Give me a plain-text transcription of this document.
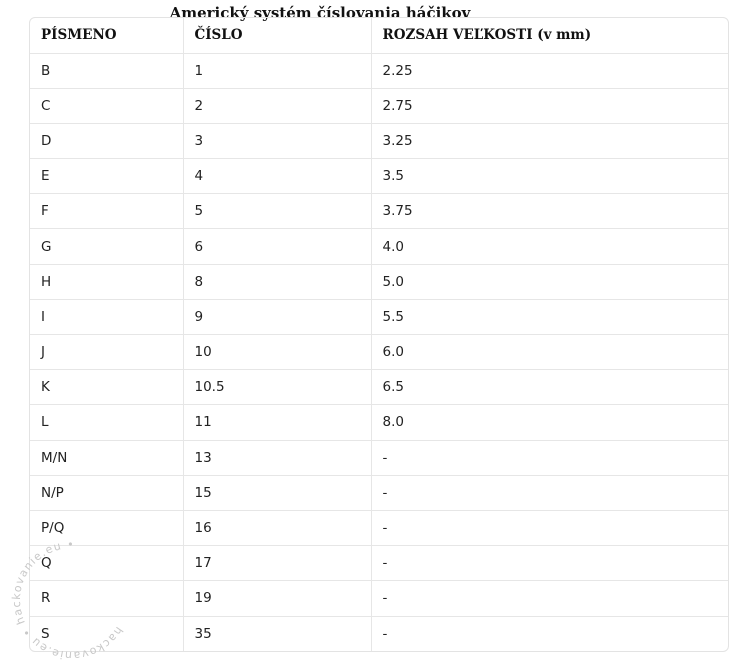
Americký systém číslovania háčikov
PÍSMENO	ČÍSLO	ROZSAH VEĽKOSTI (v mm)
B	1	2.25
C	2	2.75
D	3	3.25
E	4	3.5
F	5	3.75
G	6	4.0
H	8	5.0
I	9	5.5
J	10	6.0
K	10.5	6.5
L	11	8.0
M/N	13	-
N/P	15	-
P/Q	16	-
Q	17	-
R	19	-
S	35	-
hackovanie.eu • hackovanie.eu •
